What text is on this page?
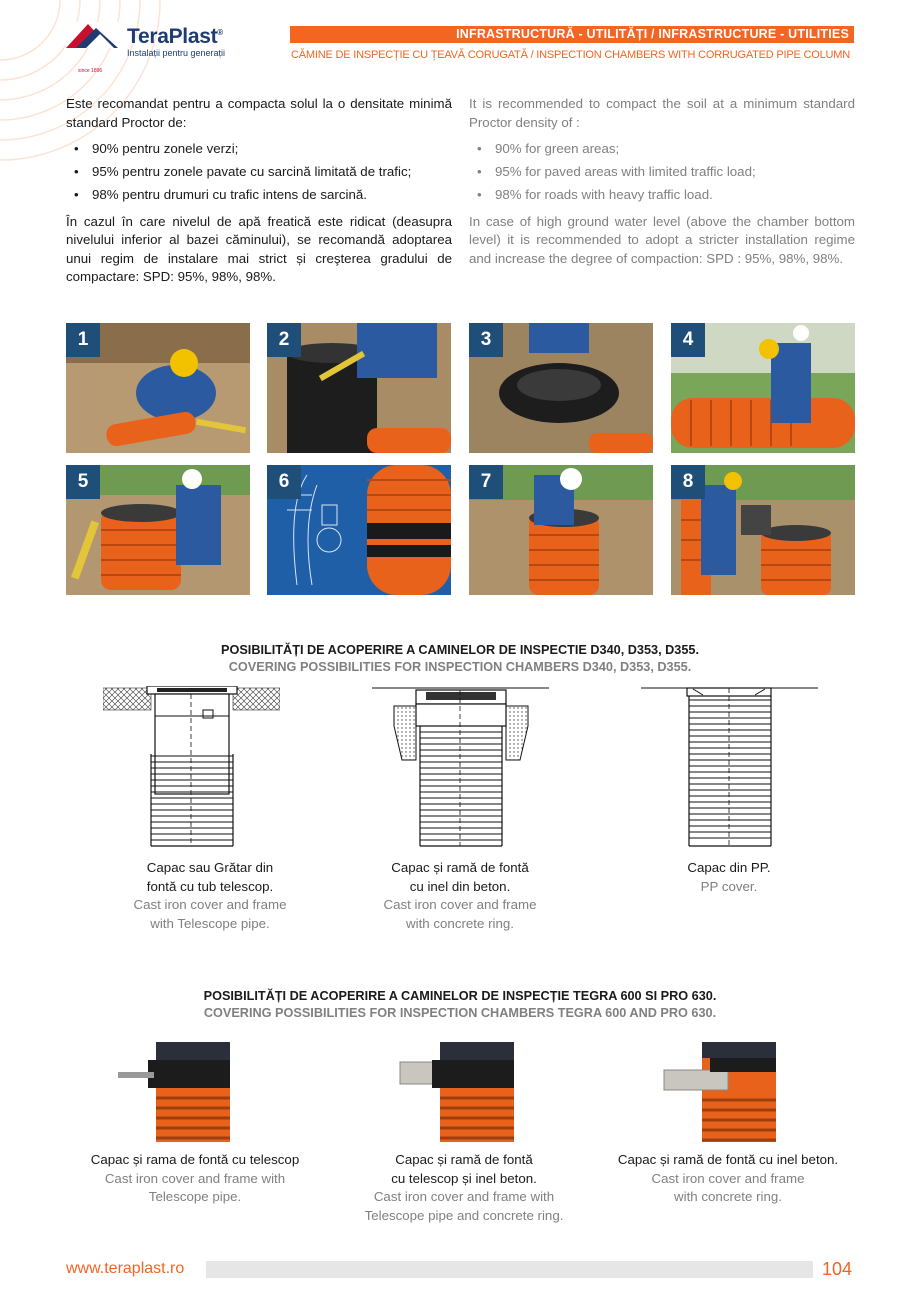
TeraPlast®
Instalații pentru generații
since 1896
INFRASTRUCTURĂ - UTILITĂȚI / INFRASTRUCTURE - UTILITIES
CĂMINE DE INSPECȚIE CU ȚEAVĂ CORUGATĂ / INSPECTION CHAMBERS WITH CORRUGATED PIPE COLUMN

Este recomandat pentru a compacta solul la o densitate minimă standard Proctor de:

• 90% pentru zonele verzi;
• 95% pentru zonele pavate cu sarcină limitată de trafic;
• 98% pentru drumuri cu trafic intens de sarcină.

În cazul în care nivelul de apă freatică este ridicat (deasupra nivelului inferior al bazei căminului), se recomandă adoptarea unui regim de instalare mai strict și creşterea gradului de compactare: SPD: 95%, 98%, 98%.

It is recommended to compact the soil at a minimum standard Proctor density of :

• 90% for green areas;
• 95% for paved areas with limited traffic load;
• 98% for roads with heavy traffic load.

In case of high ground water level (above the chamber bottom level) it is recommended to adopt a stricter installation regime and increase the degree of compaction: SPD : 95%, 98%, 98%.

1	2	3	4
5	6	7	8
POSIBILITĂȚI DE ACOPERIRE A CAMINELOR DE INSPECTIE D340, D353, D355.
COVERING POSSIBILITIES FOR INSPECTION CHAMBERS D340, D353, D355.
Capac sau Grătar din
fontă cu tub telescop.
Cast iron cover and frame
with Telescope pipe.
Capac și ramă de fontă
cu inel din beton.
Cast iron cover and frame
with concrete ring.
Capac din PP.
PP cover.
POSIBILITĂȚI DE ACOPERIRE A CAMINELOR DE INSPECȚIE TEGRA 600 SI PRO 630.
COVERING POSSIBILITIES FOR INSPECTION CHAMBERS TEGRA 600 AND PRO 630.
Capac și rama de fontă cu telescop
Cast iron cover and frame with
Telescope pipe.
Capac și ramă de fontă
cu telescop și inel beton.
Cast iron cover and frame with
Telescope pipe and concrete ring.
Capac și ramă de fontă cu inel beton.
Cast iron cover and frame
with concrete ring.
www.teraplast.ro	104
